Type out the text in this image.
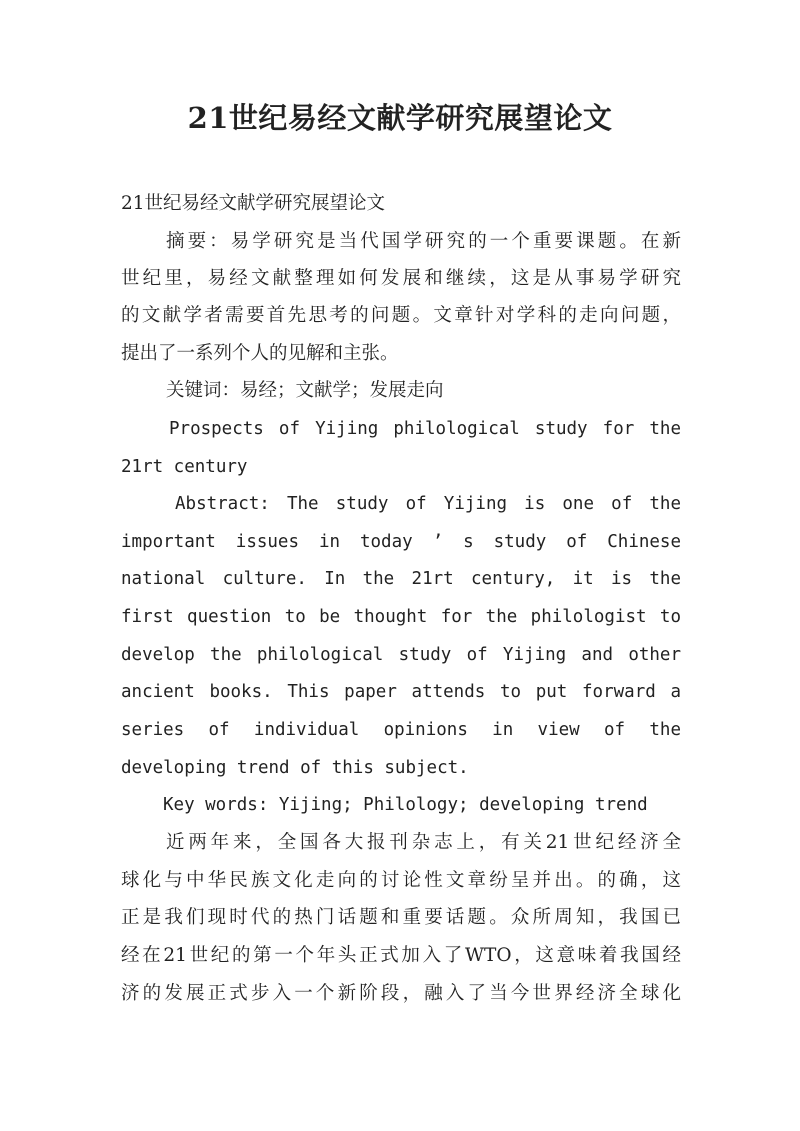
21世纪易经文献学研究展望论文

21世纪易经文献学研究展望论文

摘要：易学研究是当代国学研究的一个重要课题。在新

世纪里，易经文献整理如何发展和继续，这是从事易学研究

的文献学者需要首先思考的问题。文章针对学科的走向问题，

提出了一系列个人的见解和主张。

关键词：易经；文献学；发展走向

Prospects of Yijing philological study for the

21rt century

Abstract: The study of Yijing is one of the

important issues in today ’ s study of Chinese

national culture. In the 21rt century, it is the

first question to be thought for the philologist to

develop the philological study of Yijing and other

ancient books. This paper attends to put forward a

series of individual opinions in view of the

developing trend of this subject.

Key words: Yijing; Philology; developing trend

近两年来，全国各大报刊杂志上，有关21世纪经济全

球化与中华民族文化走向的讨论性文章纷呈并出。的确，这

正是我们现时代的热门话题和重要话题。众所周知，我国已

经在21世纪的第一个年头正式加入了WTO，这意味着我国经

济的发展正式步入一个新阶段，融入了当今世界经济全球化
